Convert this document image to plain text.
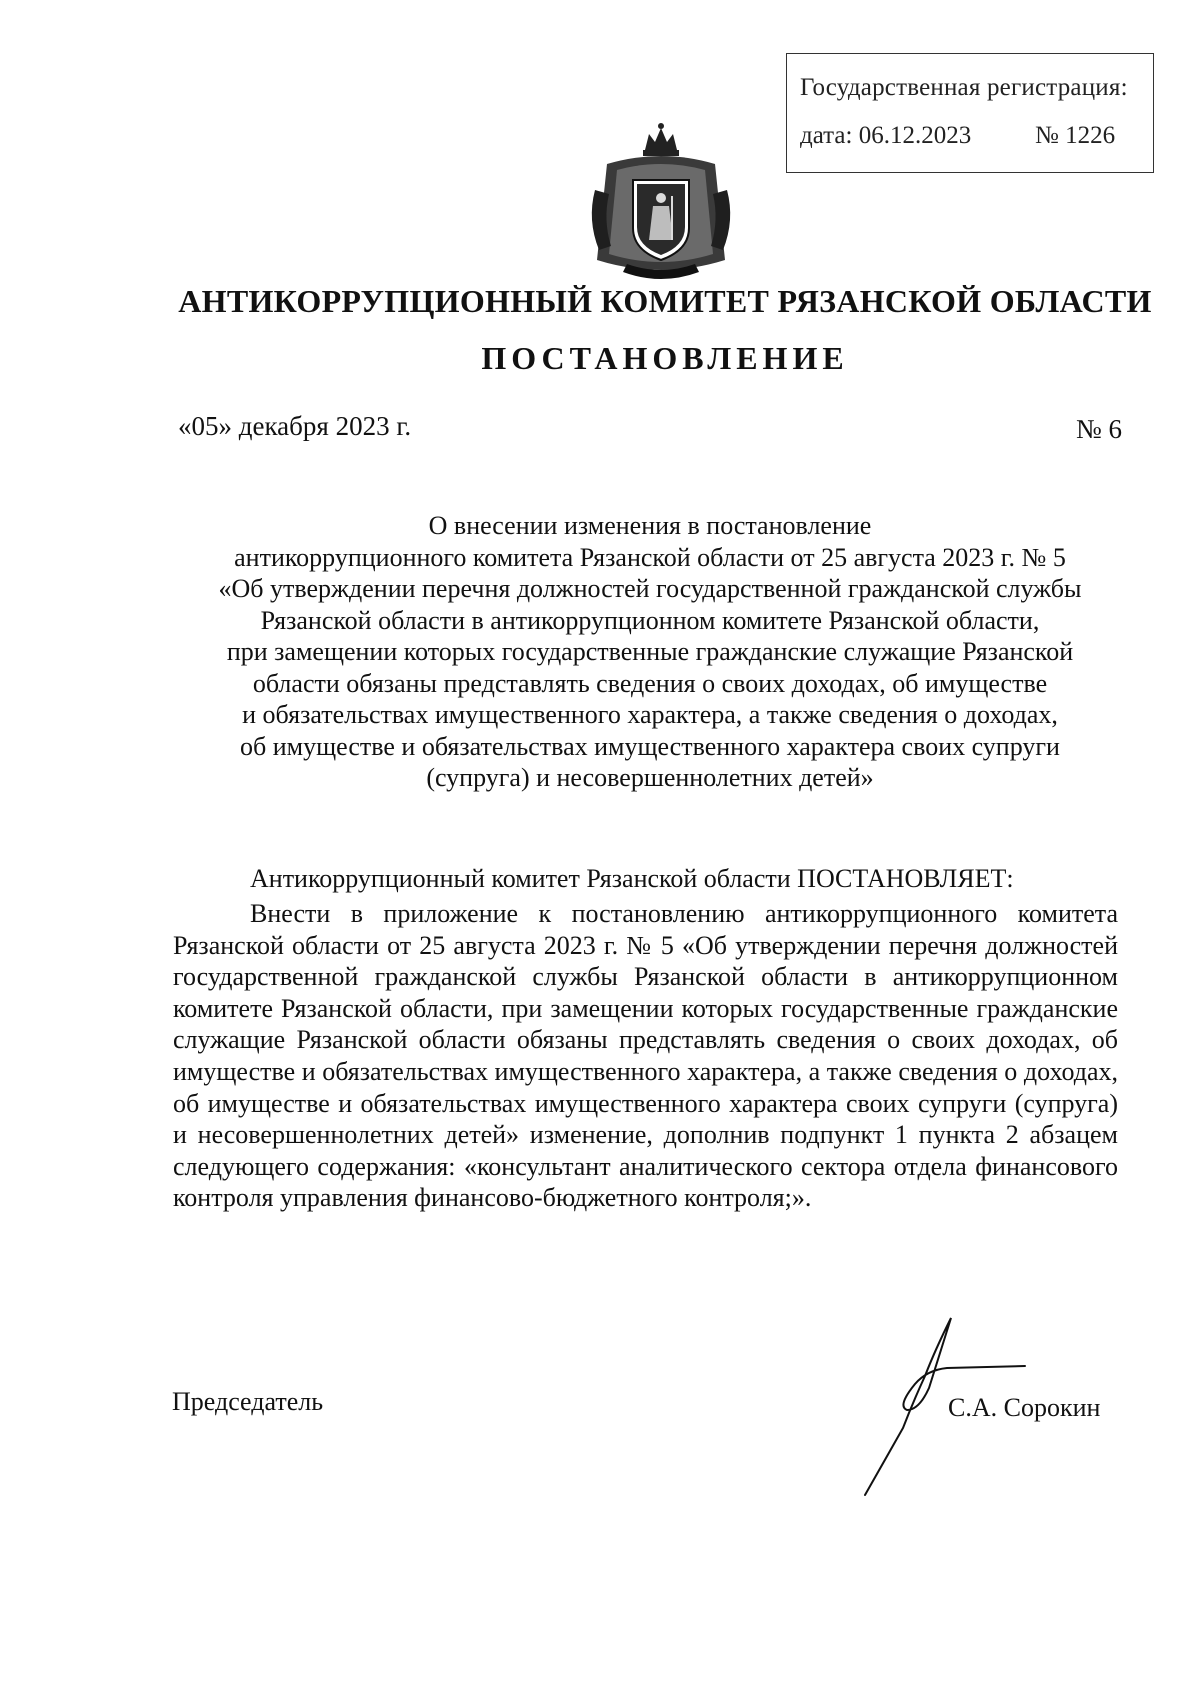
Государственная регистрация:
дата: 06.12.2023	№ 1226
АНТИКОРРУПЦИОННЫЙ КОМИТЕТ РЯЗАНСКОЙ ОБЛАСТИ
ПОСТАНОВЛЕНИЕ
«05» декабря 2023 г.	№ 6
О внесении изменения в постановление
антикоррупционного комитета Рязанской области от 25 августа 2023 г. № 5
«Об утверждении перечня должностей государственной гражданской службы
Рязанской области в антикоррупционном комитете Рязанской области,
при замещении которых государственные гражданские служащие Рязанской
области обязаны представлять сведения о своих доходах, об имуществе
и обязательствах имущественного характера, а также сведения о доходах,
об имуществе и обязательствах имущественного характера своих супруги
(супруга) и несовершеннолетних детей»
Антикоррупционный комитет Рязанской области ПОСТАНОВЛЯЕТ:

Внести в приложение к постановлению антикоррупционного комитета Рязанской области от 25 августа 2023 г. № 5 «Об утверждении перечня должностей государственной гражданской службы Рязанской области в антикоррупционном комитете Рязанской области, при замещении которых государственные гражданские служащие Рязанской области обязаны представлять сведения о своих доходах, об имуществе и обязательствах имущественного характера, а также сведения о доходах, об имуществе и обязательствах имущественного характера своих супруги (супруга) и несовершеннолетних детей» изменение, дополнив подпункт 1 пункта 2 абзацем следующего содержания: «консультант аналитического сектора отдела финансового контроля управления финансово-бюджетного контроля;».

Председатель	С.А. Сорокин
